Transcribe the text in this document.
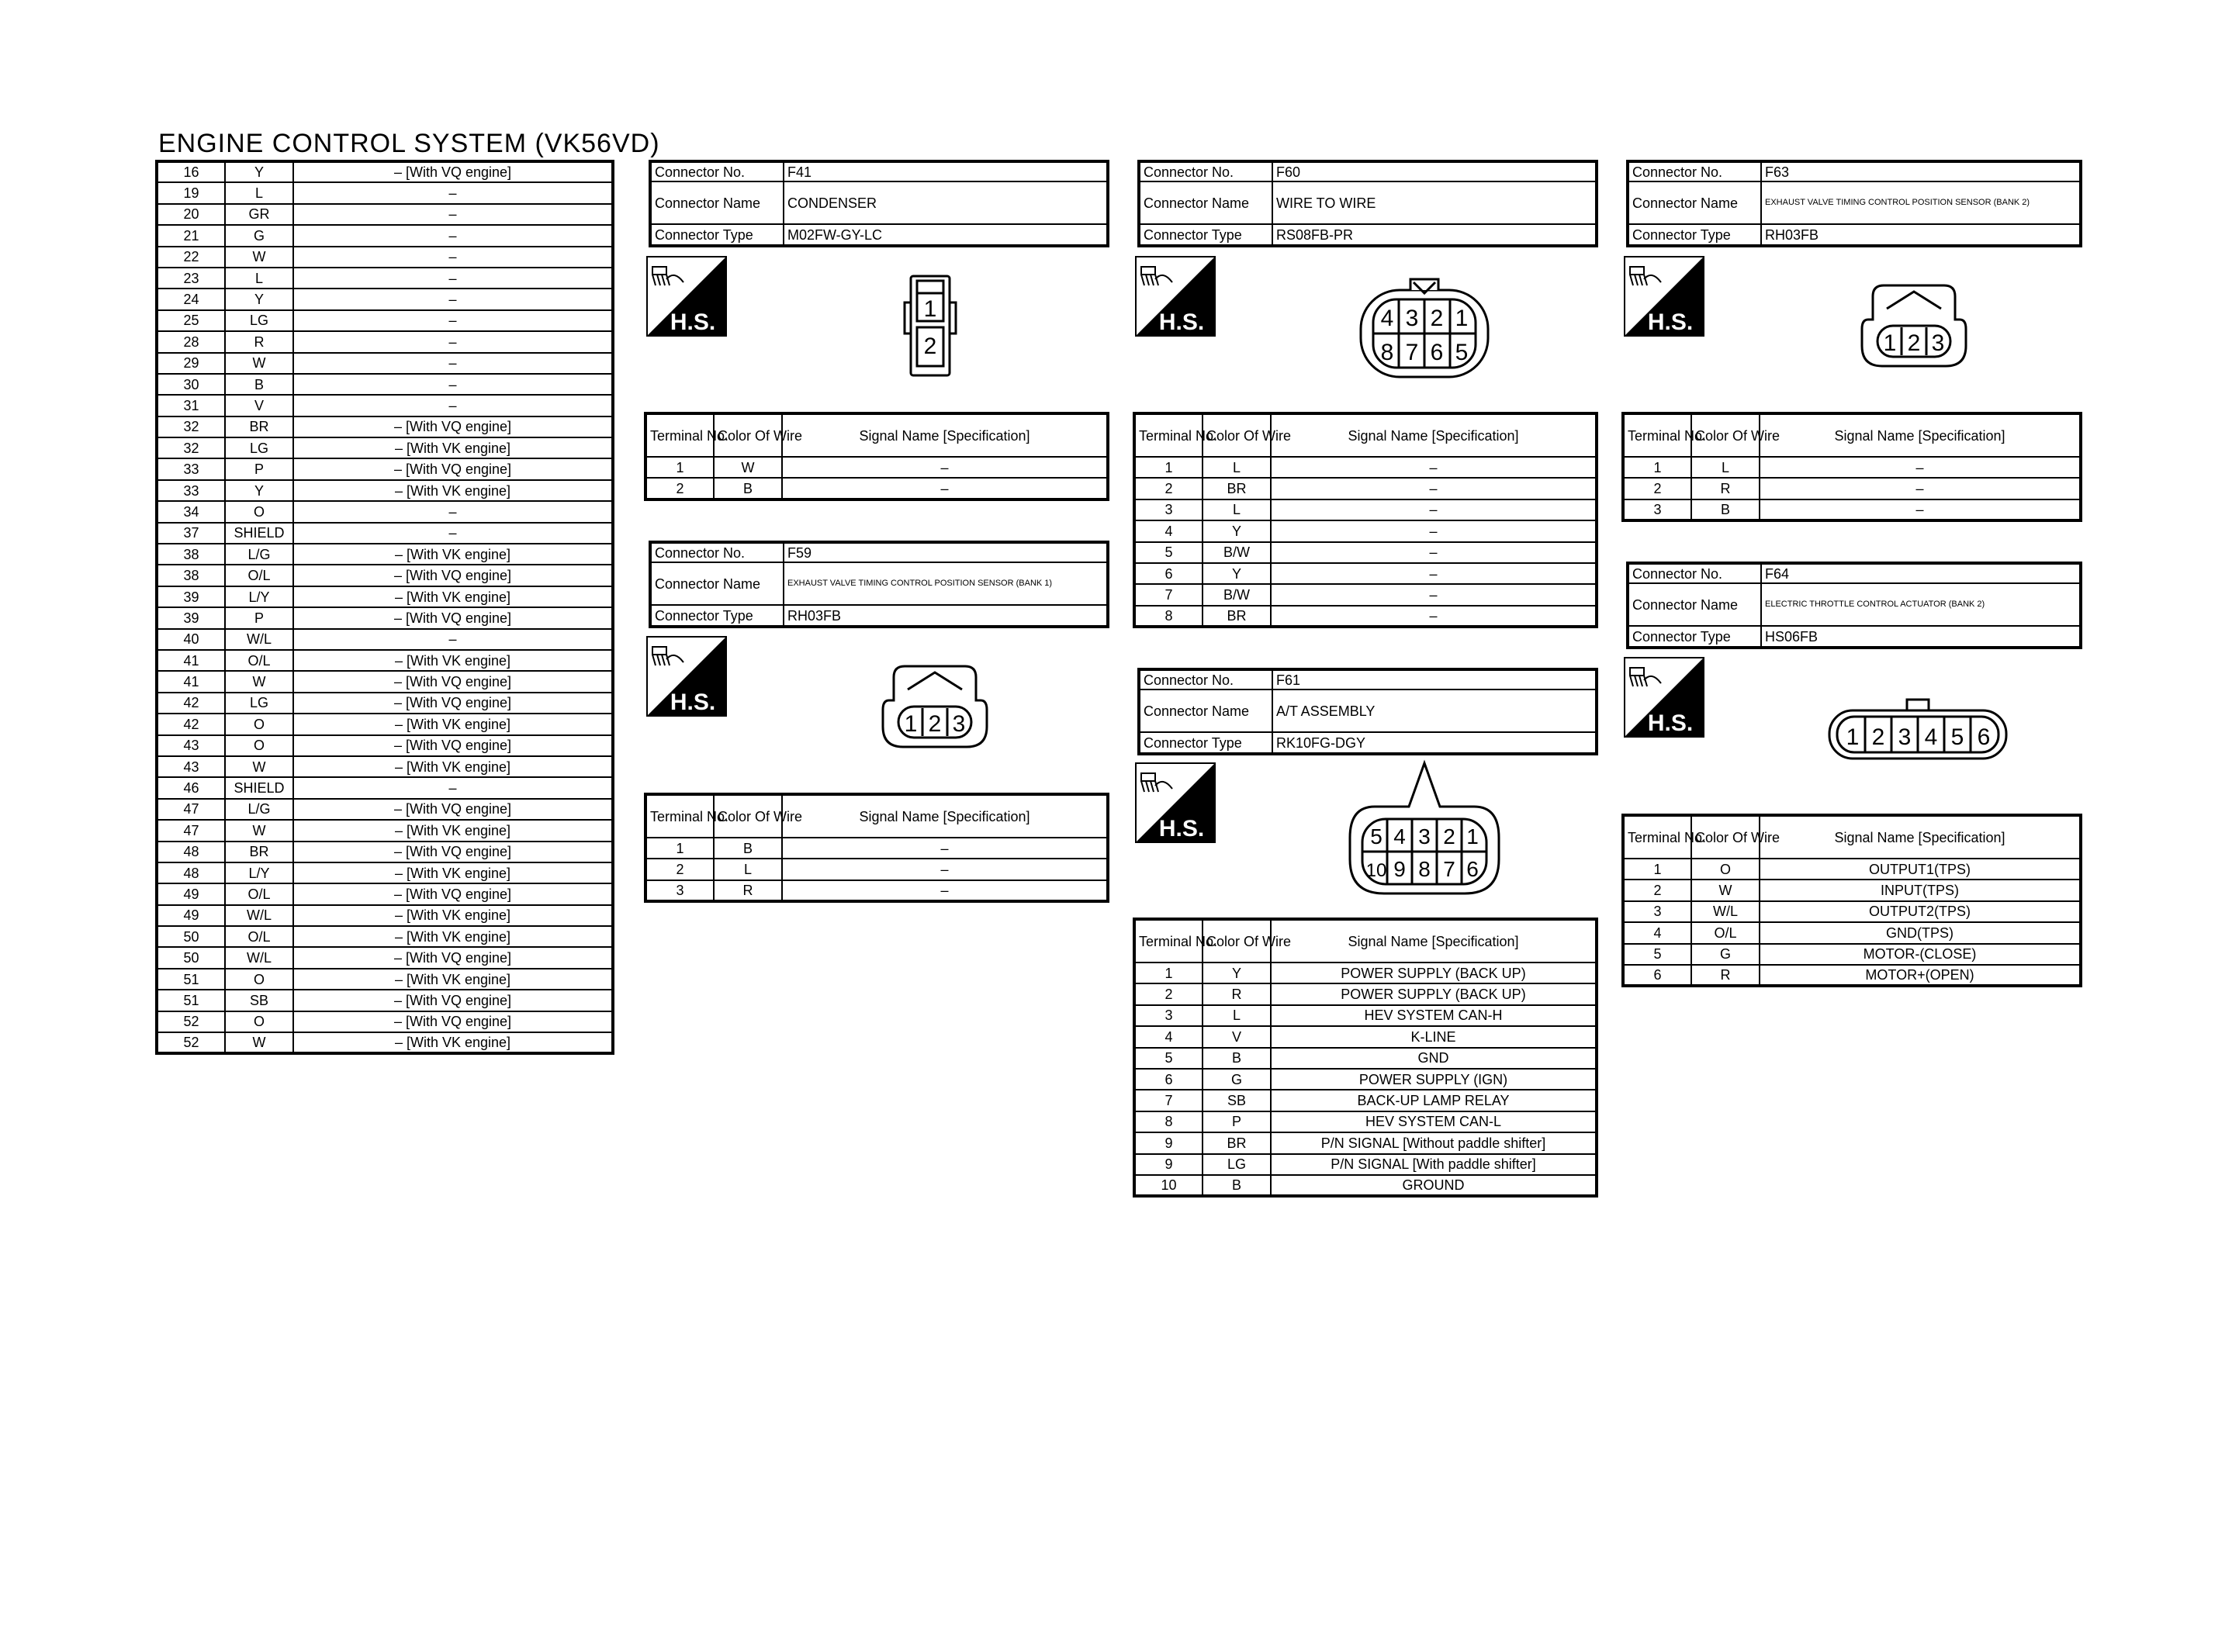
ENGINE CONTROL SYSTEM (VK56VD)
16	Y	– [With VQ engine]
19	L	–
20	GR	–
21	G	–
22	W	–
23	L	–
24	Y	–
25	LG	–
28	R	–
29	W	–
30	B	–
31	V	–
32	BR	– [With VQ engine]
32	LG	– [With VK engine]
33	P	– [With VQ engine]
33	Y	– [With VK engine]
34	O	–
37	SHIELD	–
38	L/G	– [With VK engine]
38	O/L	– [With VQ engine]
39	L/Y	– [With VK engine]
39	P	– [With VQ engine]
40	W/L	–
41	O/L	– [With VK engine]
41	W	– [With VQ engine]
42	LG	– [With VQ engine]
42	O	– [With VK engine]
43	O	– [With VQ engine]
43	W	– [With VK engine]
46	SHIELD	–
47	L/G	– [With VQ engine]
47	W	– [With VK engine]
48	BR	– [With VQ engine]
48	L/Y	– [With VK engine]
49	O/L	– [With VQ engine]
49	W/L	– [With VK engine]
50	O/L	– [With VK engine]
50	W/L	– [With VQ engine]
51	O	– [With VK engine]
51	SB	– [With VQ engine]
52	O	– [With VQ engine]
52	W	– [With VK engine]
Connector No.	F41
Connector Name	CONDENSER
Connector Type	M02FW-GY-LC
H.S.
1
2
Terminal No.	Color Of Wire	Signal Name [Specification]
1	W	–
2	B	–
Connector No.	F59
Connector Name	EXHAUST VALVE TIMING CONTROL POSITION SENSOR (BANK 1)
Connector Type	RH03FB
H.S.
1 2 3
Terminal No.	Color Of Wire	Signal Name [Specification]
1	B	–
2	L	–
3	R	–
Connector No.	F60
Connector Name	WIRE TO WIRE
Connector Type	RS08FB-PR
H.S.	4 3 2 1
8 7 6 5
Terminal No.	Color Of Wire	Signal Name [Specification]
1	L	–
2	BR	–
3	L	–
4	Y	–
5	B/W	–
6	Y	–
7	B/W	–
8	BR	–
Connector No.	F61
Connector Name	A/T ASSEMBLY
Connector Type	RK10FG-DGY
H.S.	5 4 3 2 1
10 9 8 7 6
Terminal No.	Color Of Wire	Signal Name [Specification]
1	Y	POWER SUPPLY (BACK UP)
2	R	POWER SUPPLY (BACK UP)
3	L	HEV SYSTEM CAN-H
4	V	K-LINE
5	B	GND
6	G	POWER SUPPLY (IGN)
7	SB	BACK-UP LAMP RELAY
8	P	HEV SYSTEM CAN-L
9	BR	P/N SIGNAL [Without paddle shifter]
9	LG	P/N SIGNAL [With paddle shifter]
10	B	GROUND
Connector No.	F63
Connector Name	EXHAUST VALVE TIMING CONTROL POSITION SENSOR (BANK 2)
Connector Type	RH03FB
H.S.
1 2 3
Terminal No.	Color Of Wire	Signal Name [Specification]
1	L	–
2	R	–
3	B	–
Connector No.	F64
Connector Name	ELECTRIC THROTTLE CONTROL ACTUATOR (BANK 2)
Connector Type	HS06FB
H.S.
1 2 3 4 5 6
Terminal No.	Color Of Wire	Signal Name [Specification]
1	O	OUTPUT1(TPS)
2	W	INPUT(TPS)
3	W/L	OUTPUT2(TPS)
4	O/L	GND(TPS)
5	G	MOTOR-(CLOSE)
6	R	MOTOR+(OPEN)
